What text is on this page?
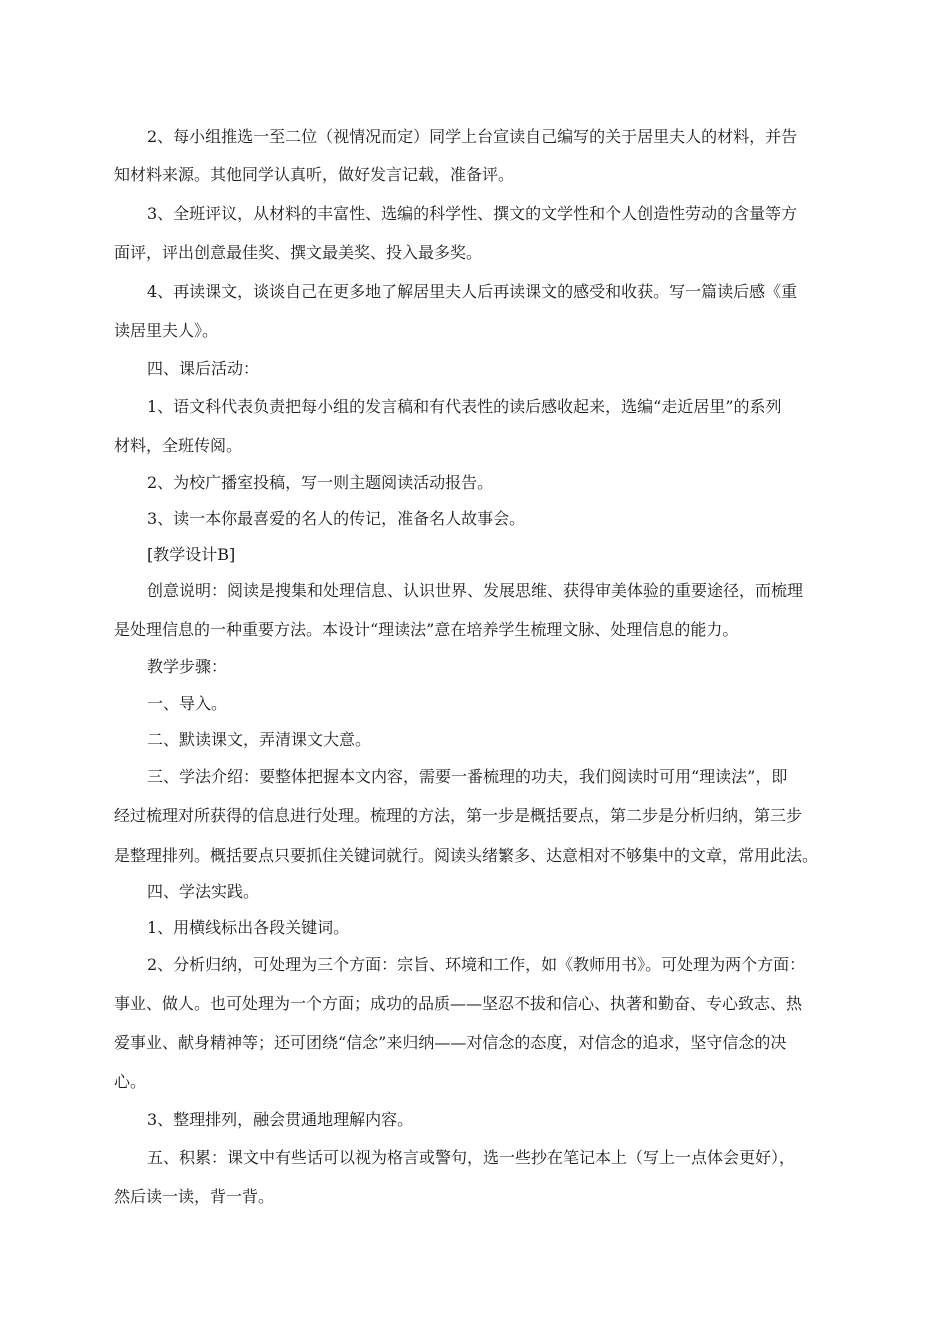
2、每小组推选一至二位（视情况而定）同学上台宣读自己编写的关于居里夫人的材料，并告
知材料来源。其他同学认真听，做好发言记载，准备评。
3、全班评议，从材料的丰富性、选编的科学性、撰文的文学性和个人创造性劳动的含量等方
面评，评出创意最佳奖、撰文最美奖、投入最多奖。
4、再读课文，谈谈自己在更多地了解居里夫人后再读课文的感受和收获。写一篇读后感《重
读居里夫人》。
四、课后活动：
1、语文科代表负责把每小组的发言稿和有代表性的读后感收起来，选编“走近居里”的系列
材料，全班传阅。
2、为校广播室投稿，写一则主题阅读活动报告。
3、读一本你最喜爱的名人的传记，准备名人故事会。
[教学设计B]
创意说明：阅读是搜集和处理信息、认识世界、发展思维、获得审美体验的重要途径，而梳理
是处理信息的一种重要方法。本设计“理读法”意在培养学生梳理文脉、处理信息的能力。
教学步骤：
一、导入。
二、默读课文，弄清课文大意。
三、学法介绍：要整体把握本文内容，需要一番梳理的功夫，我们阅读时可用“理读法”，即
经过梳理对所获得的信息进行处理。梳理的方法，第一步是概括要点，第二步是分析归纳，第三步
是整理排列。概括要点只要抓住关键词就行。阅读头绪繁多、达意相对不够集中的文章，常用此法。
四、学法实践。
1、用横线标出各段关键词。
2、分析归纳，可处理为三个方面：宗旨、环境和工作，如《教师用书》。可处理为两个方面：
事业、做人。也可处理为一个方面；成功的品质——坚忍不拔和信心、执著和勤奋、专心致志、热
爱事业、献身精神等；还可团绕“信念”来归纳——对信念的态度，对信念的追求，坚守信念的决
心。
3、整理排列，融会贯通地理解内容。
五、积累：课文中有些话可以视为格言或警句，选一些抄在笔记本上（写上一点体会更好），
然后读一读，背一背。
